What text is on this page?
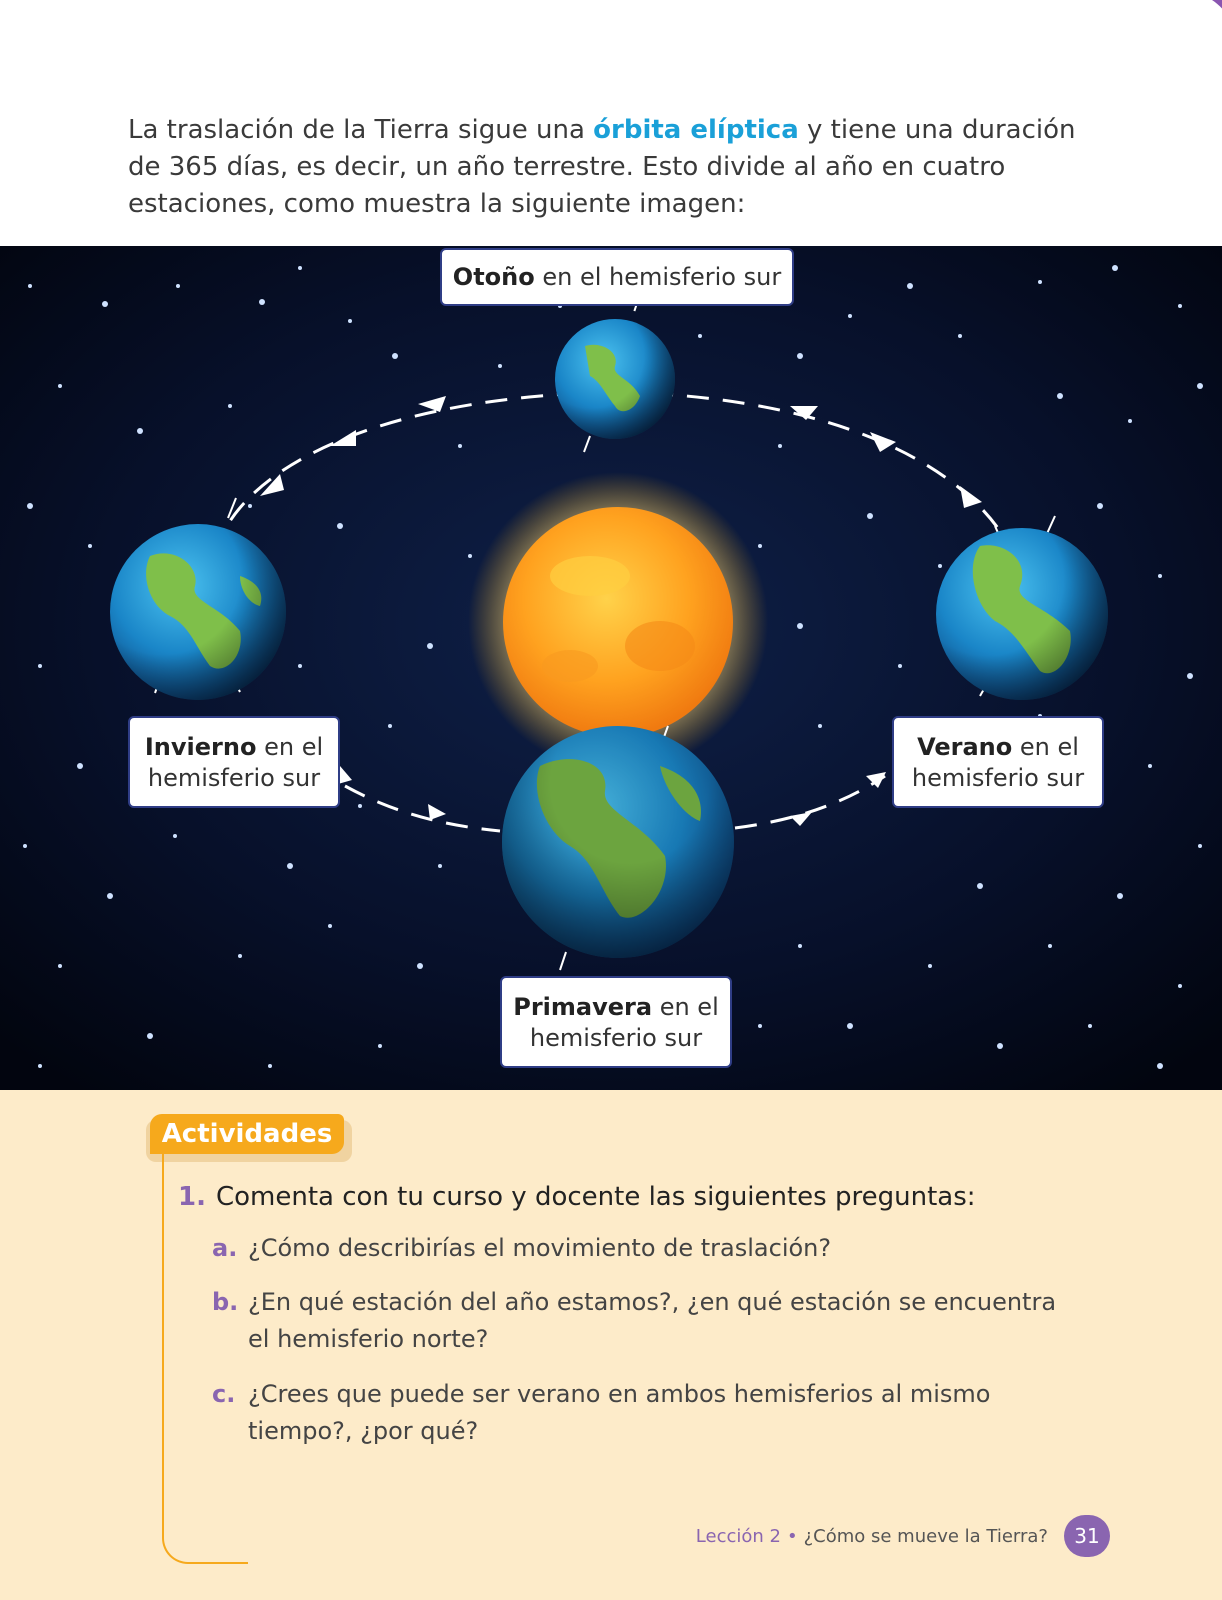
La traslación de la Tierra sigue una órbita elíptica y tiene una duración de 365 días, es decir, un año terrestre. Esto divide al año en cuatro estaciones, como muestra la siguiente imagen:

Otoño en el hemisferio sur
Invierno en el
hemisferio sur
Verano en el
hemisferio sur
Primavera en el
hemisferio sur
Actividades
1. Comenta con tu curso y docente las siguientes preguntas:
a. ¿Cómo describirías el movimiento de traslación?
b. ¿En qué estación del año estamos?, ¿en qué estación se encuentra el hemisferio norte?
c. ¿Crees que puede ser verano en ambos hemisferios al mismo tiempo?, ¿por qué?
Lección 2 • ¿Cómo se mueve la Tierra?	31
